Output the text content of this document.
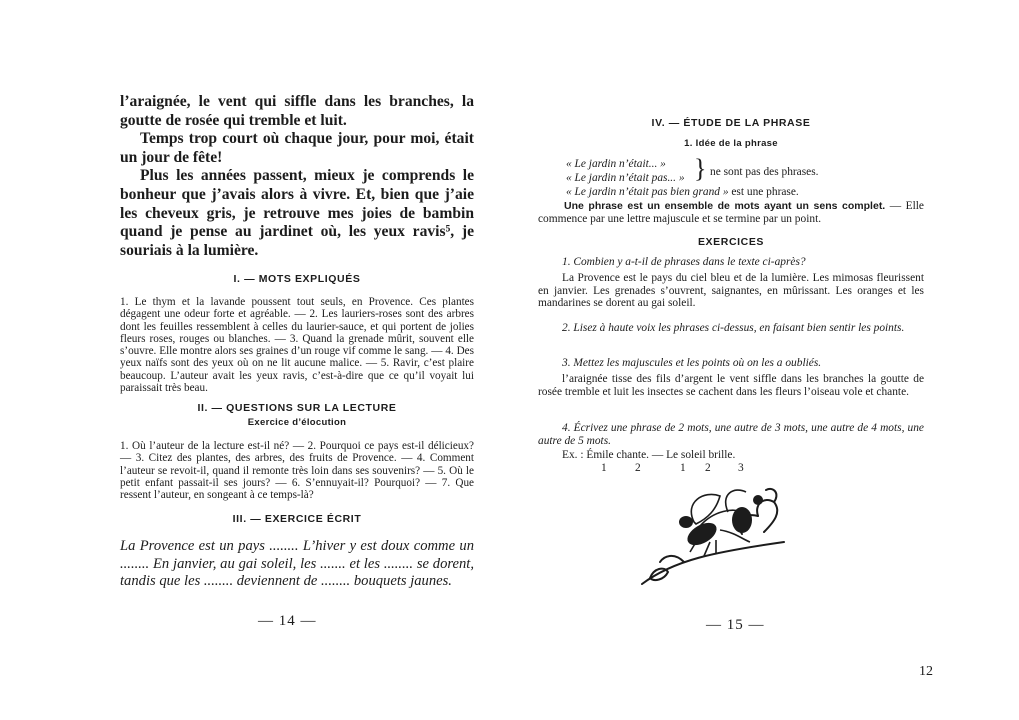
l’araignée, le vent qui siffle dans les branches, la goutte de rosée qui tremble et luit.

Temps trop court où chaque jour, pour moi, était un jour de fête!

Plus les années passent, mieux je comprends le bonheur que j’avais alors à vivre. Et, bien que j’aie les cheveux gris, je retrouve mes joies de bambin quand je pense au jardinet où, les yeux ravis⁵, je souriais à la lumière.

I. — MOTS EXPLIQUÉS

1. Le thym et la lavande poussent tout seuls, en Provence. Ces plantes dégagent une odeur forte et agréable. — 2. Les lauriers-roses sont des arbres dont les feuilles ressemblent à celles du laurier-sauce, et qui portent de jolies fleurs roses, rouges ou blanches. — 3. Quand la grenade mûrit, souvent elle s’ouvre. Elle montre alors ses graines d’un rouge vif comme le sang. — 4. Des yeux naïfs sont des yeux où on ne lit aucune malice. — 5. Ravir, c’est plaire beaucoup. L’auteur avait les yeux ravis, c’est-à-dire que ce qu’il voyait lui paraissait très beau.

II. — QUESTIONS SUR LA LECTURE
Exercice d’élocution

1. Où l’auteur de la lecture est-il né? — 2. Pourquoi ce pays est-il délicieux? — 3. Citez des plantes, des arbres, des fruits de Provence. — 4. Comment l’auteur se revoit-il, quand il remonte très loin dans ses souvenirs? — 5. Où le petit enfant passait-il ses jours? — 6. S’ennuyait-il? Pourquoi? — 7. Que ressent l’auteur, en songeant à ce temps-là?

III. — EXERCICE ÉCRIT

La Provence est un pays ........ L’hiver y est doux comme un ........ En janvier, au gai soleil, les ....... et les ........ se dorent, tandis que les ........ deviennent de ........ bouquets jaunes.

— 14 —
IV. — ÉTUDE DE LA PHRASE
1. Idée de la phrase
« Le jardin n’était... »
« Le jardin n’était pas... » } ne sont pas des phrases.
« Le jardin n’était pas bien grand » est une phrase.

Une phrase est un ensemble de mots ayant un sens complet. — Elle commence par une lettre majuscule et se termine par un point.

EXERCICES

1. Combien y a-t-il de phrases dans le texte ci-après?

La Provence est le pays du ciel bleu et de la lumière. Les mimosas fleurissent en janvier. Les grenades s’ouvrent, saignantes, en mûrissant. Les oranges et les mandarines se dorent au gai soleil.

2. Lisez à haute voix les phrases ci-dessus, en faisant bien sentir les points.

3. Mettez les majuscules et les points où on les a oubliés.

l’araignée tisse des fils d’argent le vent siffle dans les branches la goutte de rosée tremble et luit les insectes se cachent dans les fleurs l’oiseau vole et chante.

4. Écrivez une phrase de 2 mots, une autre de 3 mots, une autre de 4 mots, une autre de 5 mots.

Ex. : Émile chante. — Le soleil brille.
1 2	1 2 3
— 15 —
12
